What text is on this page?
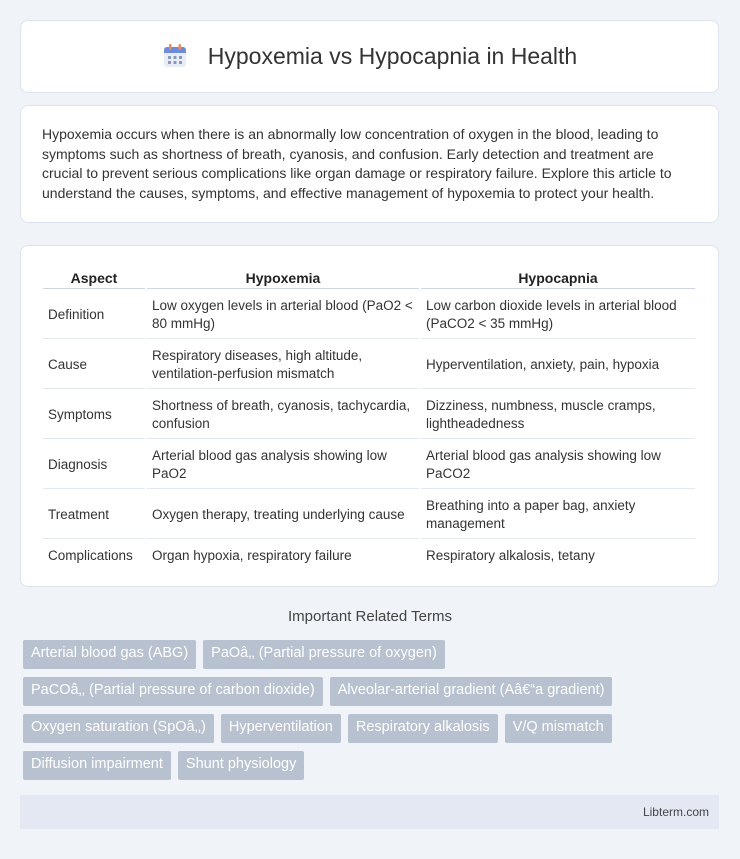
Hypoxemia vs Hypocapnia in Health

Hypoxemia occurs when there is an abnormally low concentration of oxygen in the blood, leading to symptoms such as shortness of breath, cyanosis, and confusion. Early detection and treatment are crucial to prevent serious complications like organ damage or respiratory failure. Explore this article to understand the causes, symptoms, and effective management of hypoxemia to protect your health.

Aspect	Hypoxemia	Hypocapnia
Definition	Low oxygen levels in arterial blood (PaO2 < 80 mmHg)	Low carbon dioxide levels in arterial blood (PaCO2 < 35 mmHg)
Cause	Respiratory diseases, high altitude, ventilation-perfusion mismatch	Hyperventilation, anxiety, pain, hypoxia
Symptoms	Shortness of breath, cyanosis, tachycardia, confusion	Dizziness, numbness, muscle cramps, lightheadedness
Diagnosis	Arterial blood gas analysis showing low PaO2	Arterial blood gas analysis showing low PaCO2
Treatment	Oxygen therapy, treating underlying cause	Breathing into a paper bag, anxiety management
Complications	Organ hypoxia, respiratory failure	Respiratory alkalosis, tetany
Important Related Terms
Arterial blood gas (ABG)	PaOâ‚‚ (Partial pressure of oxygen)
PaCOâ‚‚ (Partial pressure of carbon dioxide)	Alveolar-arterial gradient (Aâ€“a gradient)
Oxygen saturation (SpOâ‚‚)	Hyperventilation	Respiratory alkalosis	V/Q mismatch
Diffusion impairment	Shunt physiology
Libterm.com
